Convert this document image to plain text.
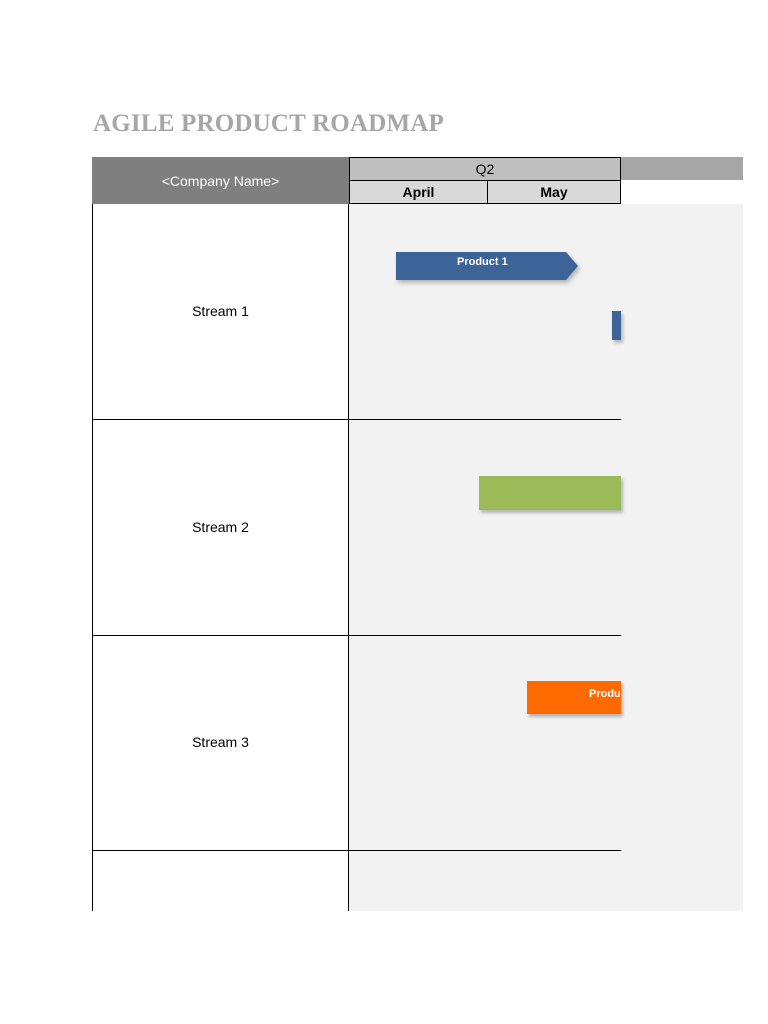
AGILE PRODUCT ROADMAP
<Company Name>
Q2
April	May
Stream 1
Stream 2
Stream 3
Product 1
Produ
